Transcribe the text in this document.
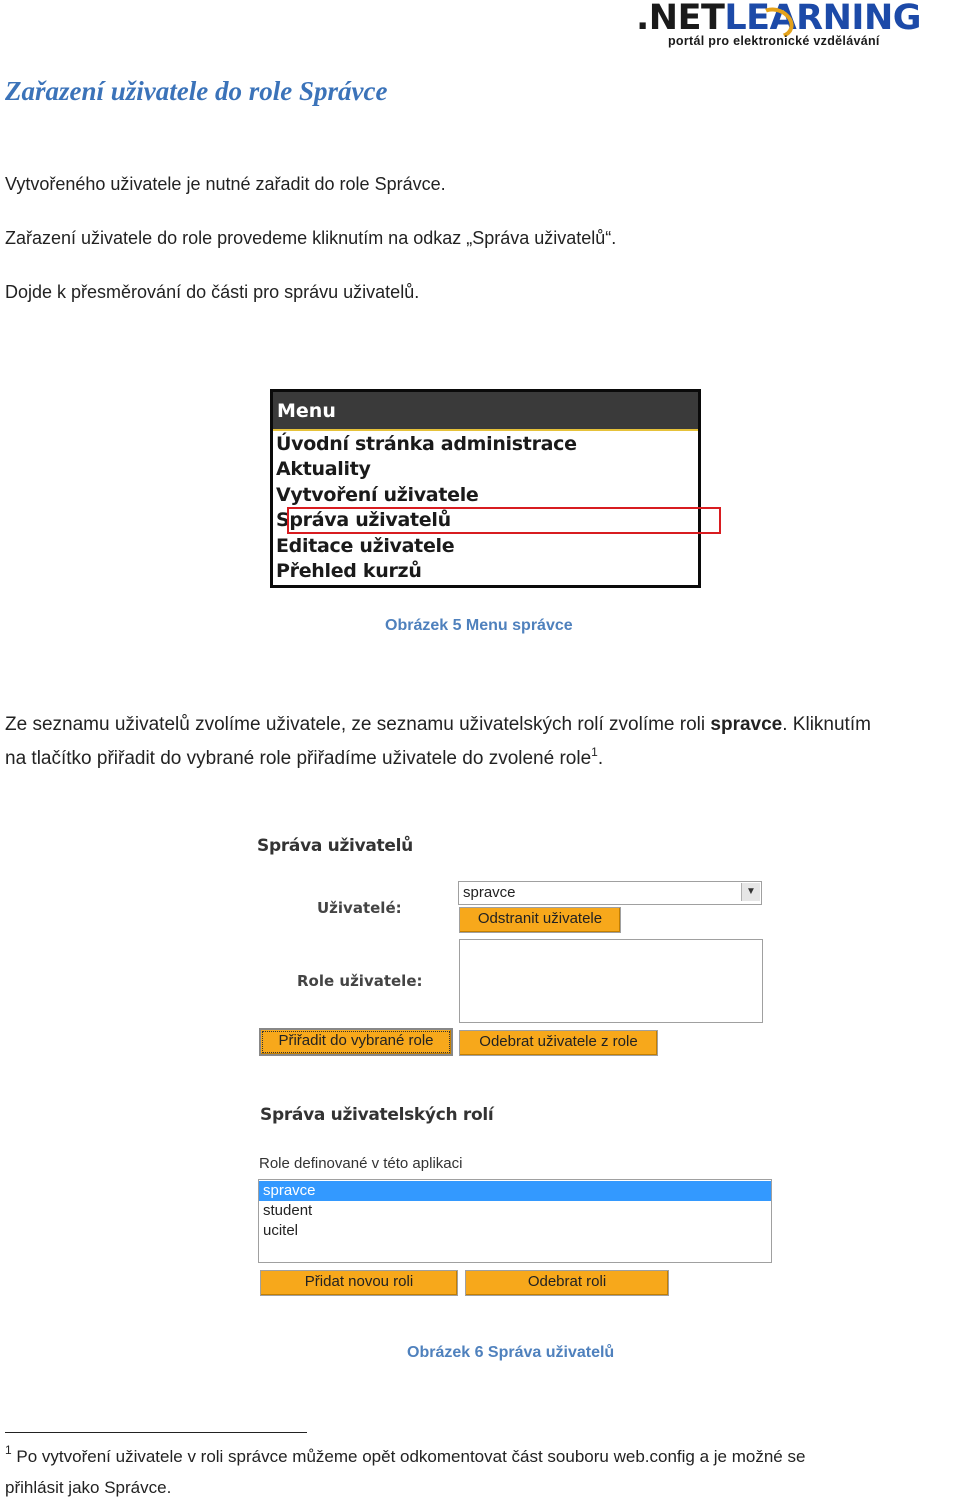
.NETLEARNING
portál pro elektronické vzdělávání
Zařazení uživatele do role Správce
Vytvořeného uživatele je nutné zařadit do role Správce.
Zařazení uživatele do role provedeme kliknutím na odkaz „Správa uživatelů“.
Dojde k přesměrování do části pro správu uživatelů.
Menu
Úvodní stránka administrace
Aktuality
Vytvoření uživatele
Správa uživatelů
Editace uživatele
Přehled kurzů
Obrázek 5 Menu správce
Ze seznamu uživatelů zvolíme uživatele, ze seznamu uživatelských rolí zvolíme roli spravce. Kliknutím
na tlačítko přiřadit do vybrané role přiřadíme uživatele do zvolené role$^1$.
Správa uživatelů
Uživatelé:
spravce	▼
Odstranit uživatele
Role uživatele:
Přiřadit do vybrané role	Odebrat uživatele z role
Správa uživatelských rolí
Role definované v této aplikaci
spravce
student
ucitel
Přidat novou roli	Odebrat roli
Obrázek 6 Správa uživatelů
$^1$ Po vytvoření uživatele v roli správce můžeme opět odkomentovat část souboru web.config a je možné se
přihlásit jako Správce.
